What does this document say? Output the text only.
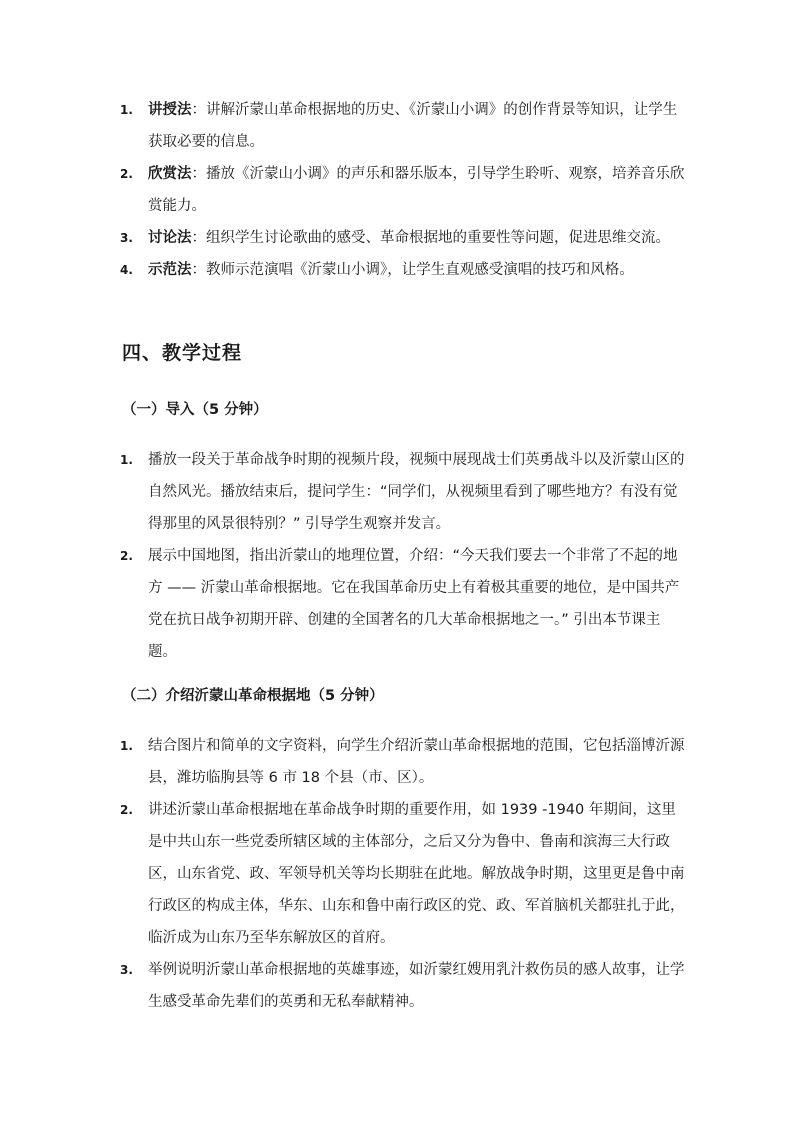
1. 讲授法：讲解沂蒙山革命根据地的历史、《沂蒙山小调》的创作背景等知识，让学生获取必要的信息。
2. 欣赏法：播放《沂蒙山小调》的声乐和器乐版本，引导学生聆听、观察，培养音乐欣赏能力。
3. 讨论法：组织学生讨论歌曲的感受、革命根据地的重要性等问题，促进思维交流。
4. 示范法：教师示范演唱《沂蒙山小调》，让学生直观感受演唱的技巧和风格。
四、教学过程
（一）导入（5 分钟）
1. 播放一段关于革命战争时期的视频片段，视频中展现战士们英勇战斗以及沂蒙山区的自然风光。播放结束后，提问学生：“同学们，从视频里看到了哪些地方？有没有觉得那里的风景很特别？” 引导学生观察并发言。
2. 展示中国地图，指出沂蒙山的地理位置，介绍：“今天我们要去一个非常了不起的地方 —— 沂蒙山革命根据地。它在我国革命历史上有着极其重要的地位，是中国共产党在抗日战争初期开辟、创建的全国著名的几大革命根据地之一。” 引出本节课主题。
（二）介绍沂蒙山革命根据地（5 分钟）
1. 结合图片和简单的文字资料，向学生介绍沂蒙山革命根据地的范围，它包括淄博沂源县，潍坊临朐县等 6 市 18 个县（市、区）。
2. 讲述沂蒙山革命根据地在革命战争时期的重要作用，如 1939 -1940 年期间，这里是中共山东一些党委所辖区域的主体部分，之后又分为鲁中、鲁南和滨海三大行政区，山东省党、政、军领导机关等均长期驻在此地。解放战争时期，这里更是鲁中南行政区的构成主体，华东、山东和鲁中南行政区的党、政、军首脑机关都驻扎于此，临沂成为山东乃至华东解放区的首府。
3. 举例说明沂蒙山革命根据地的英雄事迹，如沂蒙红嫂用乳汁救伤员的感人故事，让学生感受革命先辈们的英勇和无私奉献精神。
